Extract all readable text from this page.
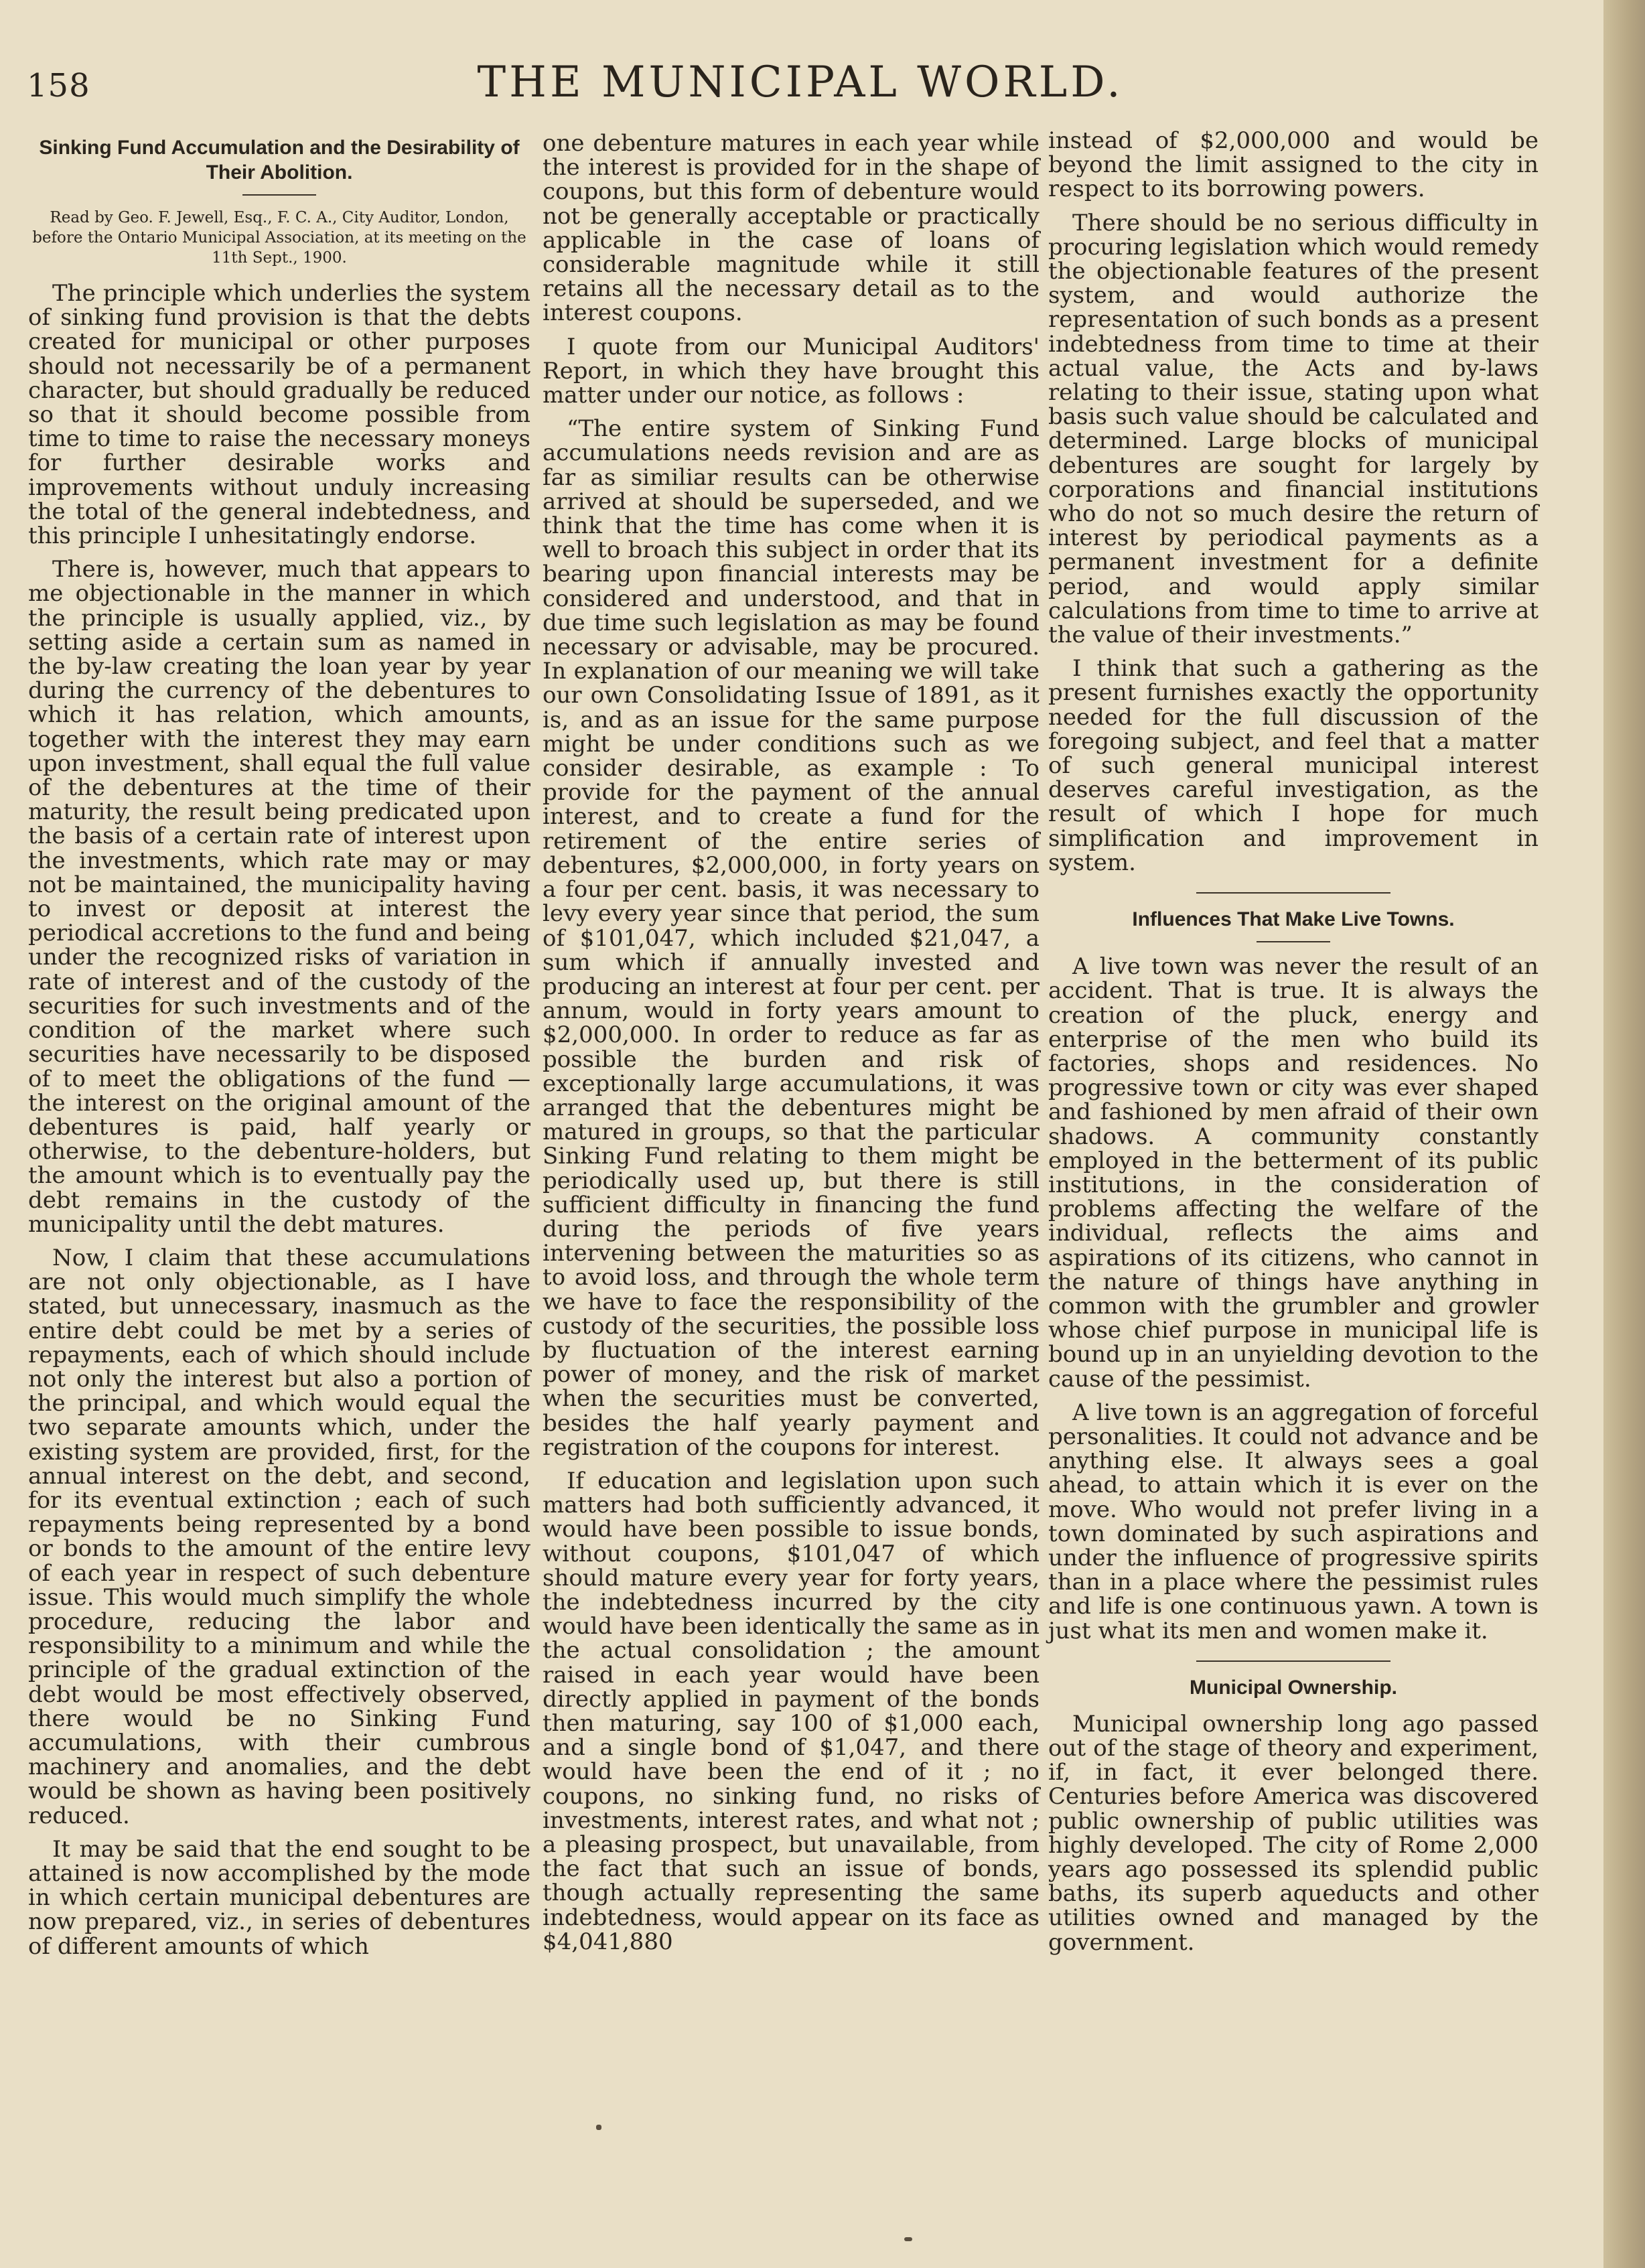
158	THE MUNICIPAL WORLD.
Sinking Fund Accumulation and the Desirability of Their Abolition.
Read by Geo. F. Jewell, Esq., F. C. A., City Auditor, London, before the Ontario Municipal Association, at its meeting on the 11th Sept., 1900.

The principle which underlies the system of sinking fund provision is that the debts created for municipal or other purposes should not necessarily be of a permanent character, but should gradually be reduced so that it should become possible from time to time to raise the necessary moneys for further desirable works and improvements without unduly increasing the total of the general indebtedness, and this principle I unhesitatingly endorse.

There is, however, much that appears to me objectionable in the manner in which the principle is usually applied, viz., by setting aside a certain sum as named in the by-law creating the loan year by year during the currency of the debentures to which it has relation, which amounts, together with the interest they may earn upon investment, shall equal the full value of the debentures at the time of their maturity, the result being predicated upon the basis of a certain rate of interest upon the investments, which rate may or may not be maintained, the municipality having to invest or deposit at interest the periodical accretions to the fund and being under the recognized risks of variation in rate of interest and of the custody of the securities for such investments and of the condition of the market where such securities have necessarily to be disposed of to meet the obligations of the fund — the interest on the original amount of the debentures is paid, half yearly or otherwise, to the debenture-holders, but the amount which is to eventually pay the debt remains in the custody of the municipality until the debt matures.

Now, I claim that these accumulations are not only objectionable, as I have stated, but unnecessary, inasmuch as the entire debt could be met by a series of repayments, each of which should include not only the interest but also a portion of the principal, and which would equal the two separate amounts which, under the existing system are provided, first, for the annual interest on the debt, and second, for its eventual extinction ; each of such repayments being represented by a bond or bonds to the amount of the entire levy of each year in respect of such debenture issue. This would much simplify the whole procedure, reducing the labor and responsibility to a minimum and while the principle of the gradual extinction of the debt would be most effectively observed, there would be no Sinking Fund accumulations, with their cumbrous machinery and anomalies, and the debt would be shown as having been positively reduced.

It may be said that the end sought to be attained is now accomplished by the mode in which certain municipal debentures are now prepared, viz., in series of debentures of different amounts of which

one debenture matures in each year while the interest is provided for in the shape of coupons, but this form of debenture would not be generally acceptable or practically applicable in the case of loans of considerable magnitude while it still retains all the necessary detail as to the interest coupons.

I quote from our Municipal Auditors' Report, in which they have brought this matter under our notice, as follows :

“The entire system of Sinking Fund accumulations needs revision and are as far as similiar results can be otherwise arrived at should be superseded, and we think that the time has come when it is well to broach this subject in order that its bearing upon financial interests may be considered and understood, and that in due time such legislation as may be found necessary or advisable, may be procured. In explanation of our meaning we will take our own Consolidating Issue of 1891, as it is, and as an issue for the same purpose might be under conditions such as we consider desirable, as example : To provide for the payment of the annual interest, and to create a fund for the retirement of the entire series of debentures, $2,000,000, in forty years on a four per cent. basis, it was necessary to levy every year since that period, the sum of $101,047, which included $21,047, a sum which if annually invested and producing an interest at four per cent. per annum, would in forty years amount to $2,000,000. In order to reduce as far as possible the burden and risk of exceptionally large accumulations, it was arranged that the debentures might be matured in groups, so that the particular Sinking Fund relating to them might be periodically used up, but there is still sufficient difficulty in financing the fund during the periods of five years intervening between the maturities so as to avoid loss, and through the whole term we have to face the responsibility of the custody of the securities, the possible loss by fluctuation of the interest earning power of money, and the risk of market when the securities must be converted, besides the half yearly payment and registration of the coupons for interest.

If education and legislation upon such matters had both sufficiently advanced, it would have been possible to issue bonds, without coupons, $101,047 of which should mature every year for forty years, the indebtedness incurred by the city would have been identically the same as in the actual consolidation ; the amount raised in each year would have been directly applied in payment of the bonds then maturing, say 100 of $1,000 each, and a single bond of $1,047, and there would have been the end of it ; no coupons, no sinking fund, no risks of investments, interest rates, and what not ; a pleasing prospect, but unavailable, from the fact that such an issue of bonds, though actually representing the same indebtedness, would appear on its face as $4,041,880

instead of $2,000,000 and would be beyond the limit assigned to the city in respect to its borrowing powers.

There should be no serious difficulty in procuring legislation which would remedy the objectionable features of the present system, and would authorize the representation of such bonds as a present indebtedness from time to time at their actual value, the Acts and by-laws relating to their issue, stating upon what basis such value should be calculated and determined. Large blocks of municipal debentures are sought for largely by corporations and financial institutions who do not so much desire the return of interest by periodical payments as a permanent investment for a definite period, and would apply similar calculations from time to time to arrive at the value of their investments.”

I think that such a gathering as the present furnishes exactly the opportunity needed for the full discussion of the foregoing subject, and feel that a matter of such general municipal interest deserves careful investigation, as the result of which I hope for much simplification and improvement in system.

Influences That Make Live Towns.

A live town was never the result of an accident. That is true. It is always the creation of the pluck, energy and enterprise of the men who build its factories, shops and residences. No progressive town or city was ever shaped and fashioned by men afraid of their own shadows. A community constantly employed in the betterment of its public institutions, in the consideration of problems affecting the welfare of the individual, reflects the aims and aspirations of its citizens, who cannot in the nature of things have anything in common with the grumbler and growler whose chief purpose in municipal life is bound up in an unyielding devotion to the cause of the pessimist.

A live town is an aggregation of forceful personalities. It could not advance and be anything else. It always sees a goal ahead, to attain which it is ever on the move. Who would not prefer living in a town dominated by such aspirations and under the influence of progressive spirits than in a place where the pessimist rules and life is one continuous yawn. A town is just what its men and women make it.

Municipal Ownership.

Municipal ownership long ago passed out of the stage of theory and experiment, if, in fact, it ever belonged there. Centuries before America was discovered public ownership of public utilities was highly developed. The city of Rome 2,000 years ago possessed its splendid public baths, its superb aqueducts and other utilities owned and managed by the government.
